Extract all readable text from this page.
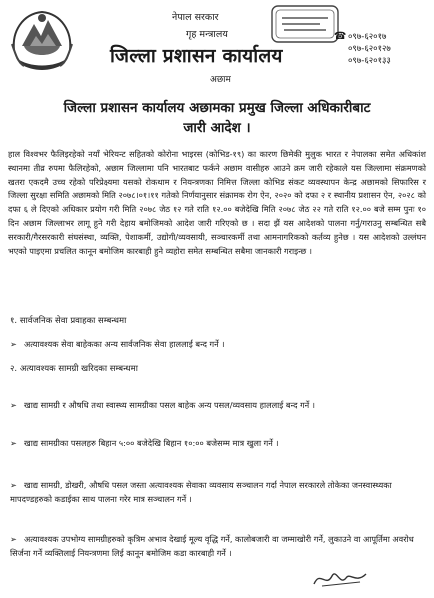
नेपाल सरकार
गृह मन्त्रालय
जिल्ला प्रशासन कार्यालय
अछाम
☎ ०९७-६२०१७
०९७-६२०१२७
०९७-६२०१३३
जिल्ला प्रशासन कार्यालय अछामका प्रमुख जिल्ला अधिकारीबाट
जारी आदेश ।
हाल विश्वभर फैलिइरहेको नयाँ भेरियन्ट सहितको कोरोना भाइरस (कोभिड-१९) का कारण छिमेकी मुलुक भारत र नेपालका समेत अधिकांश स्थानमा तीव्र रुपमा फैलिरहेको, अछाम जिल्लामा पनि भारतबाट फर्कने अछाम वासीहरु आउने क्रम जारी रहेकाले यस जिल्लामा संक्रमणको खतरा एकदमै उच्च रहेको परिप्रेक्ष्यमा यसको रोकथाम र नियन्त्रणका निमित्त जिल्ला कोभिड संकट व्यवस्थापन केन्द्र अछामको सिफारिस र जिल्ला सुरक्षा समिति अछामको मिति २०७८।०१।११ गतेको निर्णयानुसार संक्रामक रोग ऐन, २०२० को दफा २ र स्थानीय प्रशासन ऐन, २०२८ को दफा ६ ले दिएको अधिकार प्रयोग गरी मिति २०७८ जेठ १२ गते राति १२.०० बजेदेखि मिति २०७८ जेठ २२ गते राति १२.०० बजे सम्म पुनः १० दिन अछाम जिल्लाभर लागू हुने गरी देहाय बमोजिमको आदेश जारी गरिएको छ । सदा झैं यस आदेशको पालना गर्नु/गराउनु सम्बन्धित सबै सरकारी/गैरसरकारी संघसंस्था, व्यक्ति, पेशाकर्मी, उद्योगी/व्यवसायी, सञ्चारकर्मी तथा आमनागरिकको कर्तव्य हुनेछ । यस आदेशको उल्लंघन भएको पाइएमा प्रचलित कानून बमोजिम कारबाही हुने व्यहोरा समेत सम्बन्धित सबैमा जानकारी गराइन्छ ।
१. सार्वजनिक सेवा प्रवाहका सम्बन्धमा
➢ अत्यावश्यक सेवा बाहेकका अन्य सार्वजनिक सेवा हाललाई बन्द गर्ने ।
२. अत्यावश्यक सामग्री खरिदका सम्बन्धमा
➢ खाद्य सामग्री र औषधि तथा स्वास्थ्य सामग्रीका पसल बाहेक अन्य पसल/व्यवसाय हाललाई बन्द गर्ने ।
➢ खाद्य सामग्रीका पसलहरु बिहान ५:०० बजेदेखि बिहान १०:०० बजेसम्म मात्र खुला गर्ने ।
➢ खाद्य सामग्री, डोखरी, औषधि पसल जस्ता अत्यावश्यक सेवाका व्यवसाय सञ्चालन गर्दा नेपाल सरकारले तोकेका जनस्वास्थ्यका मापदण्डहरुको कडाईका साथ पालना गरेर मात्र सञ्चालन गर्ने ।
➢ अत्यावश्यक उपभोग्य सामग्रीहरुको कृत्रिम अभाव देखाई मूल्य वृद्धि गर्ने, कालोबजारी वा जम्माखोरी गर्ने, लुकाउने वा आपूर्तिमा अवरोध सिर्जना गर्ने व्यक्तिलाई नियन्त्रणमा लिई कानून बमोजिम कडा कारबाही गर्ने ।
